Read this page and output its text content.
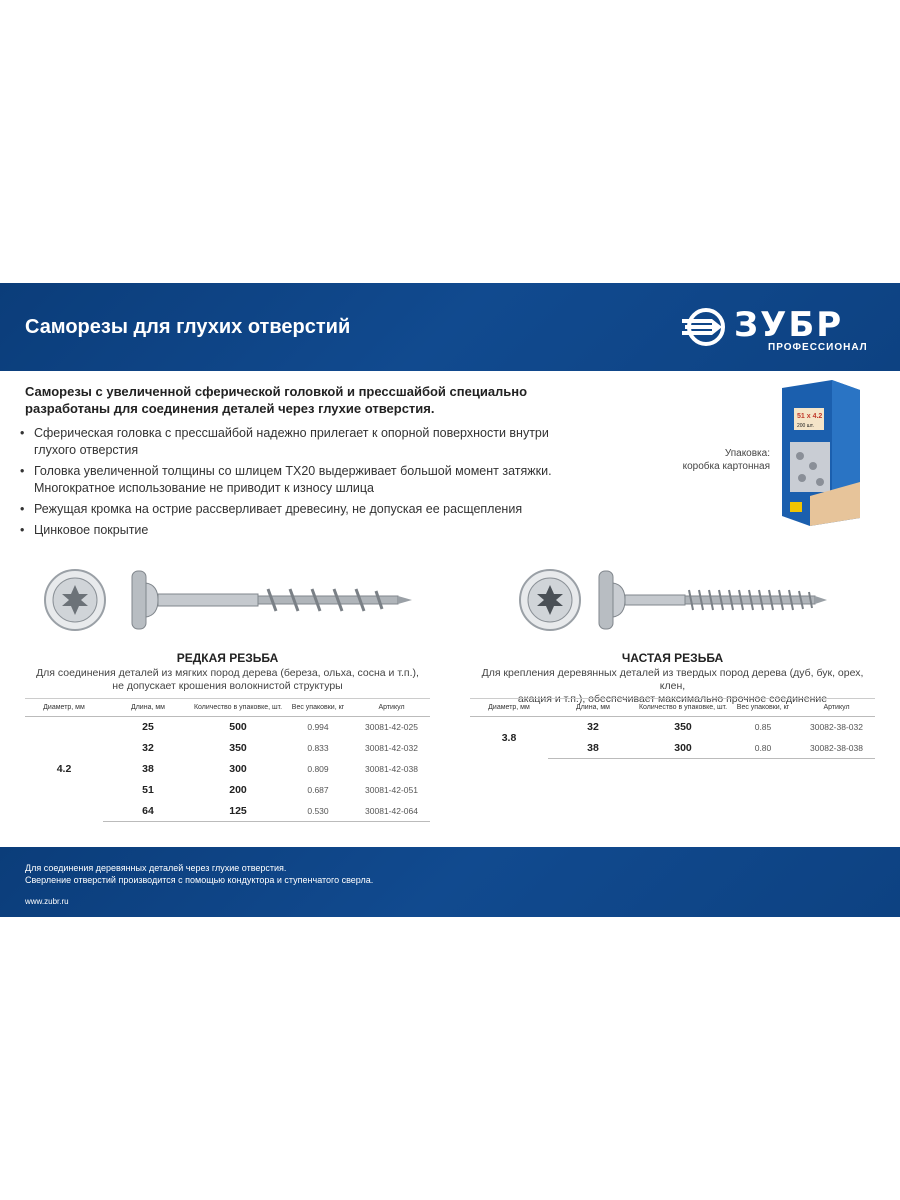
Саморезы для глухих отверстий	ЗУБР
ПРОФЕССИОНАЛ
Саморезы с увеличенной сферической головкой и прессшайбой специально разработаны для соединения деталей через глухие отверстия.
• Сферическая головка с прессшайбой надежно прилегает к опорной поверхности внутри глухого отверстия
• Головка увеличенной толщины со шлицем TX20 выдерживает большой момент затяжки. Многократное использование не приводит к износу шлица
• Режущая кромка на острие рассверливает древесину, не допуская ее расщепления
• Цинковое покрытие
Упаковка:
коробка картонная
51 x 4.2
200 шт.
РЕДКАЯ РЕЗЬБА
Для соединения деталей из мягких пород дерева (береза, ольха, сосна и т.п.),
не допускает крошения волокнистой структуры
Диаметр, мм	Длина, мм	Количество в упаковке, шт.	Вес упаковки, кг	Артикул
4.2	25	500	0.994	30081-42-025
	32	350	0.833	30081-42-032
	38	300	0.809	30081-42-038
	51	200	0.687	30081-42-051
	64	125	0.530	30081-42-064
ЧАСТАЯ РЕЗЬБА
Для крепления деревянных деталей из твердых пород дерева (дуб, бук, орех, клен,
акация и т.п.), обеспечивает максимально прочное соединение
Диаметр, мм	Длина, мм	Количество в упаковке, шт.	Вес упаковки, кг	Артикул
3.8	32	350	0.85	30082-38-032
	38	300	0.80	30082-38-038
Для соединения деревянных деталей через глухие отверстия.
Сверление отверстий производится с помощью кондуктора и ступенчатого сверла.
www.zubr.ru
